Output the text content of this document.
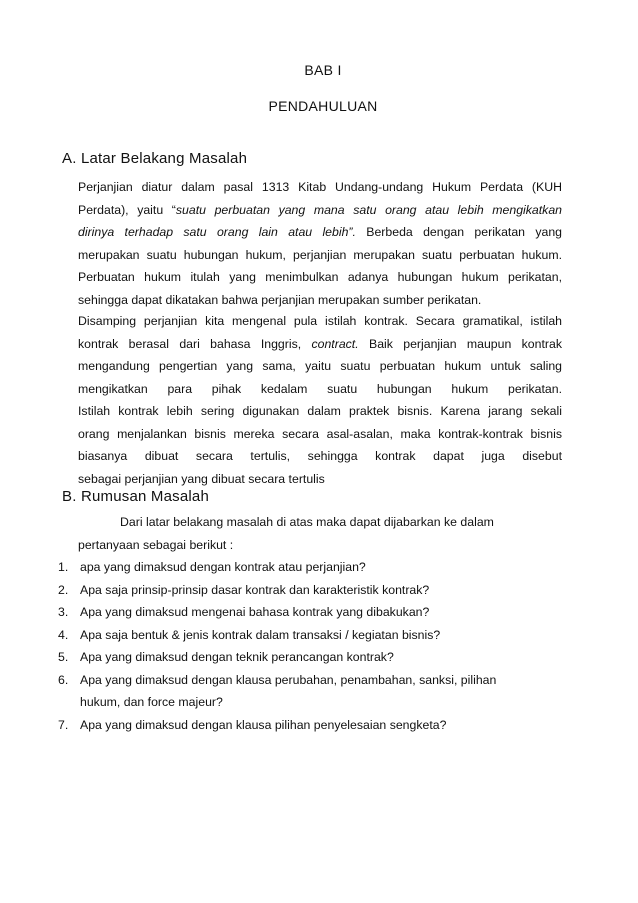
BAB I
PENDAHULUAN
A. Latar Belakang Masalah
Perjanjian diatur dalam pasal 1313 Kitab Undang-undang Hukum Perdata (KUH
Perdata), yaitu “suatu perbuatan yang mana satu orang atau lebih mengikatkan
dirinya terhadap satu orang lain atau lebih”. Berbeda dengan perikatan yang
merupakan suatu hubungan hukum, perjanjian merupakan suatu perbuatan hukum.
Perbuatan hukum itulah yang menimbulkan adanya hubungan hukum perikatan,
sehingga dapat dikatakan bahwa perjanjian merupakan sumber perikatan.
Disamping perjanjian kita mengenal pula istilah kontrak. Secara gramatikal, istilah
kontrak berasal dari bahasa Inggris, contract. Baik perjanjian maupun kontrak
mengandung pengertian yang sama, yaitu suatu perbuatan hukum untuk saling
mengikatkan para pihak kedalam suatu hubungan hukum perikatan.
Istilah kontrak lebih sering digunakan dalam praktek bisnis. Karena jarang sekali
orang menjalankan bisnis mereka secara asal-asalan, maka kontrak-kontrak bisnis
biasanya dibuat secara tertulis, sehingga kontrak dapat juga disebut
sebagai perjanjian yang dibuat secara tertulis
B. Rumusan Masalah
Dari latar belakang masalah di atas maka dapat dijabarkan ke dalam
pertanyaan sebagai berikut :
1. apa yang dimaksud dengan kontrak atau perjanjian?
2. Apa saja prinsip-prinsip dasar kontrak dan karakteristik kontrak?
3. Apa yang dimaksud mengenai bahasa kontrak yang dibakukan?
4. Apa saja bentuk & jenis kontrak dalam transaksi / kegiatan bisnis?
5. Apa yang dimaksud dengan teknik perancangan kontrak?
6. Apa yang dimaksud dengan klausa perubahan, penambahan, sanksi, pilihan
hukum, dan force majeur?
7. Apa yang dimaksud dengan klausa pilihan penyelesaian sengketa?
